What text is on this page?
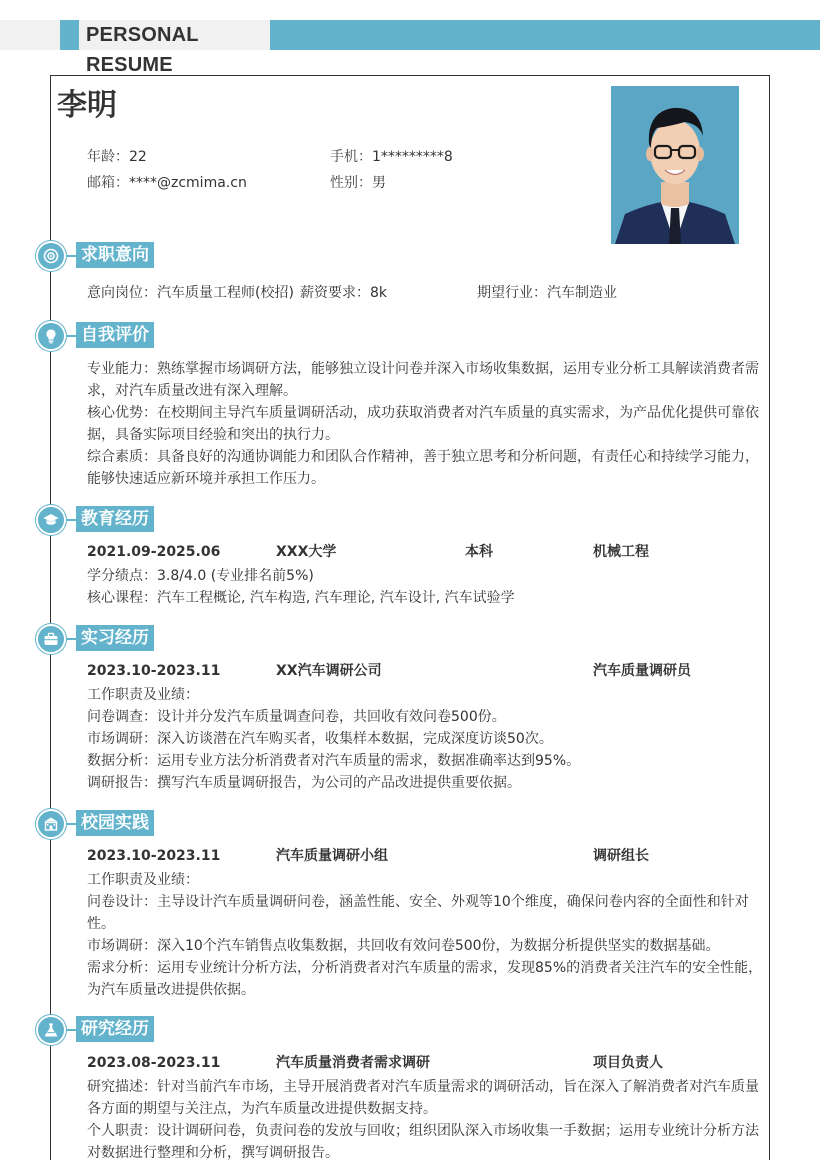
PERSONAL RESUME
李明
年龄：22	手机：1*********8
邮箱：****@zcmima.cn	性别：男
求职意向
意向岗位：汽车质量工程师(校招) 薪资要求：8k	期望行业：汽车制造业
自我评价
专业能力：熟练掌握市场调研方法，能够独立设计问卷并深入市场收集数据，运用专业分析工具解读消费者需
求，对汽车质量改进有深入理解。
核心优势：在校期间主导汽车质量调研活动，成功获取消费者对汽车质量的真实需求，为产品优化提供可靠依
据，具备实际项目经验和突出的执行力。
综合素质：具备良好的沟通协调能力和团队合作精神，善于独立思考和分析问题，有责任心和持续学习能力，
能够快速适应新环境并承担工作压力。
教育经历
2021.09-2025.06	XXX大学	本科	机械工程
学分绩点：3.8/4.0 (专业排名前5%)
核心课程：汽车工程概论, 汽车构造, 汽车理论, 汽车设计, 汽车试验学
实习经历
2023.10-2023.11	XX汽车调研公司	汽车质量调研员
工作职责及业绩：
问卷调查：设计并分发汽车质量调查问卷，共回收有效问卷500份。
市场调研：深入访谈潜在汽车购买者，收集样本数据，完成深度访谈50次。
数据分析：运用专业方法分析消费者对汽车质量的需求，数据准确率达到95%。
调研报告：撰写汽车质量调研报告，为公司的产品改进提供重要依据。
校园实践
2023.10-2023.11	汽车质量调研小组	调研组长
工作职责及业绩：
问卷设计：主导设计汽车质量调研问卷，涵盖性能、安全、外观等10个维度，确保问卷内容的全面性和针对
性。
市场调研：深入10个汽车销售点收集数据，共回收有效问卷500份，为数据分析提供坚实的数据基础。
需求分析：运用专业统计分析方法，分析消费者对汽车质量的需求，发现85%的消费者关注汽车的安全性能，
为汽车质量改进提供依据。
研究经历
2023.08-2023.11	汽车质量消费者需求调研	项目负责人
研究描述：针对当前汽车市场，主导开展消费者对汽车质量需求的调研活动，旨在深入了解消费者对汽车质量
各方面的期望与关注点，为汽车质量改进提供数据支持。
个人职责：设计调研问卷，负责问卷的发放与回收；组织团队深入市场收集一手数据；运用专业统计分析方法
对数据进行整理和分析，撰写调研报告。
